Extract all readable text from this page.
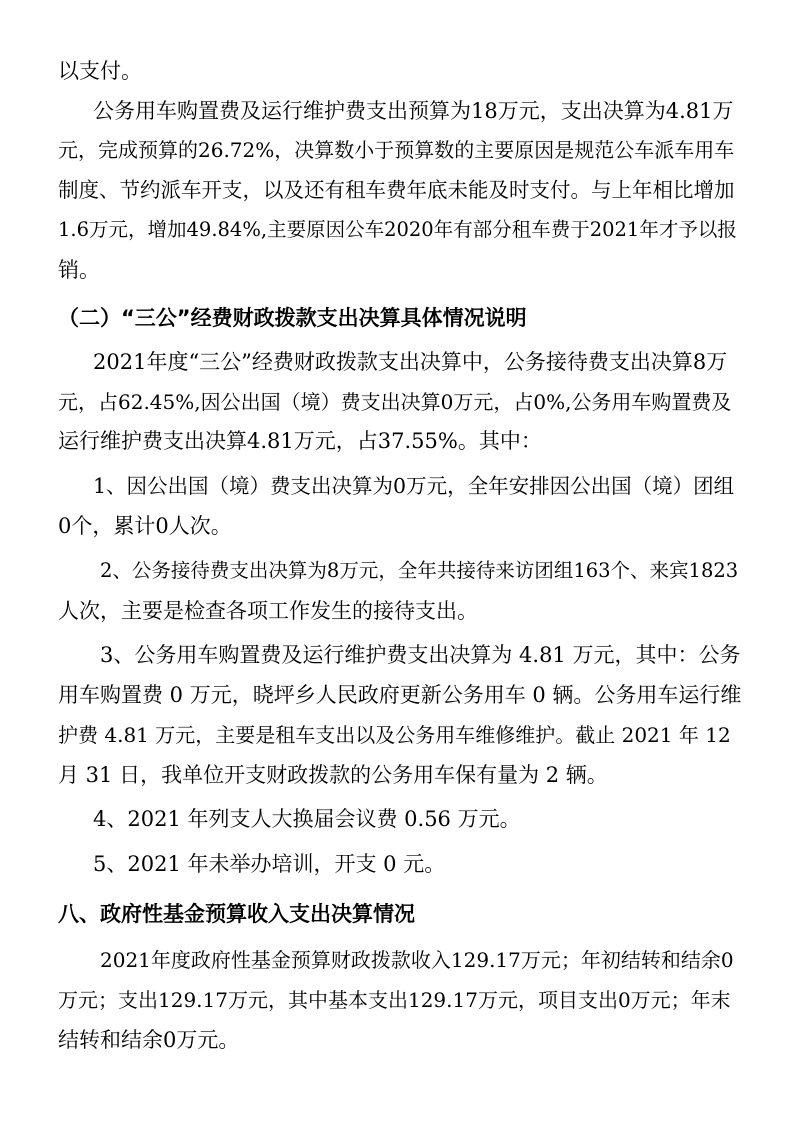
以支付。
公务用车购置费及运行维护费支出预算为18万元，支出决算为4.81万
元，完成预算的26.72%，决算数小于预算数的主要原因是规范公车派车用车
制度、节约派车开支，以及还有租车费年底未能及时支付。与上年相比增加
1.6万元，增加49.84%,主要原因公车2020年有部分租车费于2021年才予以报
销。
（二）“三公”经费财政拨款支出决算具体情况说明
2021年度“三公”经费财政拨款支出决算中，公务接待费支出决算8万
元，占62.45%,因公出国（境）费支出决算0万元，占0%,公务用车购置费及
运行维护费支出决算4.81万元，占37.55%。其中：
1、因公出国（境）费支出决算为0万元，全年安排因公出国（境）团组
0个，累计0人次。
2、公务接待费支出决算为8万元，全年共接待来访团组163个、来宾1823
人次，主要是检查各项工作发生的接待支出。
3、公务用车购置费及运行维护费支出决算为 4.81 万元，其中：公务
用车购置费 0 万元，晓坪乡人民政府更新公务用车 0 辆。公务用车运行维
护费 4.81 万元，主要是租车支出以及公务用车维修维护。截止 2021 年 12
月 31 日，我单位开支财政拨款的公务用车保有量为 2 辆。
4、2021 年列支人大换届会议费 0.56 万元。
5、2021 年未举办培训，开支 0 元。
八、政府性基金预算收入支出决算情况
2021年度政府性基金预算财政拨款收入129.17万元；年初结转和结余0
万元；支出129.17万元，其中基本支出129.17万元，项目支出0万元；年末
结转和结余0万元。
